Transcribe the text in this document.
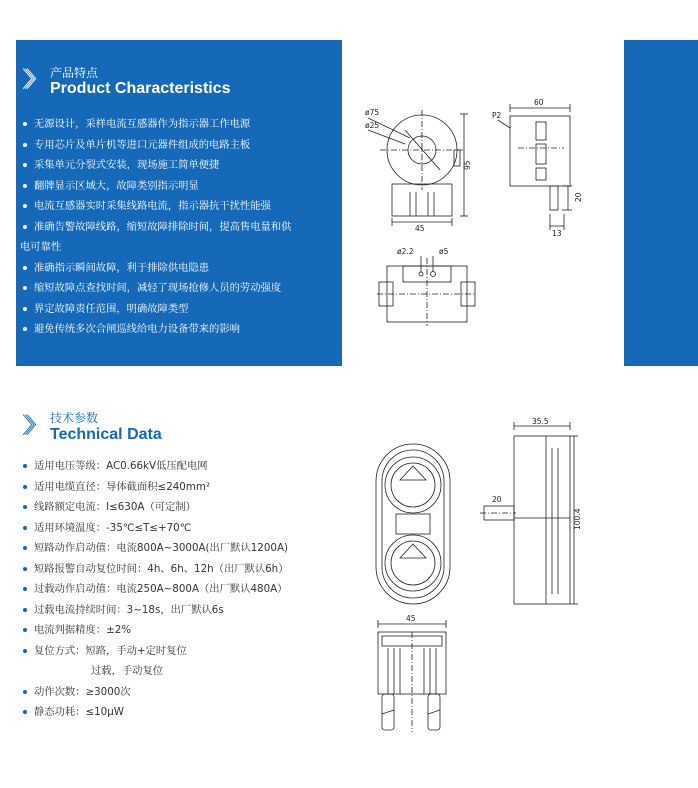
〉〉〉 产品特点
Product Characteristics
无源设计，采样电流互感器作为指示器工作电源
专用芯片及单片机等进口元器件组成的电路主板
采集单元分裂式安装，现场施工简单便捷
翻牌显示区域大，故障类别指示明显
电流互感器实时采集线路电流，指示器抗干扰性能强
准确告警故障线路，缩短故障排除时间，提高售电量和供
电可靠性
准确指示瞬间故障，利于排除供电隐患
缩短故障点查找时间，减轻了现场抢修人员的劳动强度
界定故障责任范围，明确故障类型
避免传统多次合闸巡线给电力设备带来的影响
〉〉〉 技术参数
Technical Data
适用电压等级：AC0.66kV低压配电网
适用电缆直径：导体截面积≤240mm²
线路额定电流：I≤630A（可定制）
适用环境温度：-35℃≤T≤+70℃
短路动作启动值：电流800A~3000A(出厂默认1200A)
短路报警自动复位时间：4h、6h、12h（出厂默认6h）
过载动作启动值：电流250A~800A（出厂默认480A）
过载电流持续时间：3~18s，出厂默认6s
电流判据精度：±2%
复位方式：短路，手动+定时复位
过载，手动复位
动作次数：≥3000次
静态功耗：≤10μW
ø75
ø25
95
45
60
P2
20
13
ø2.2	ø5
35.5
100.4
20
45
